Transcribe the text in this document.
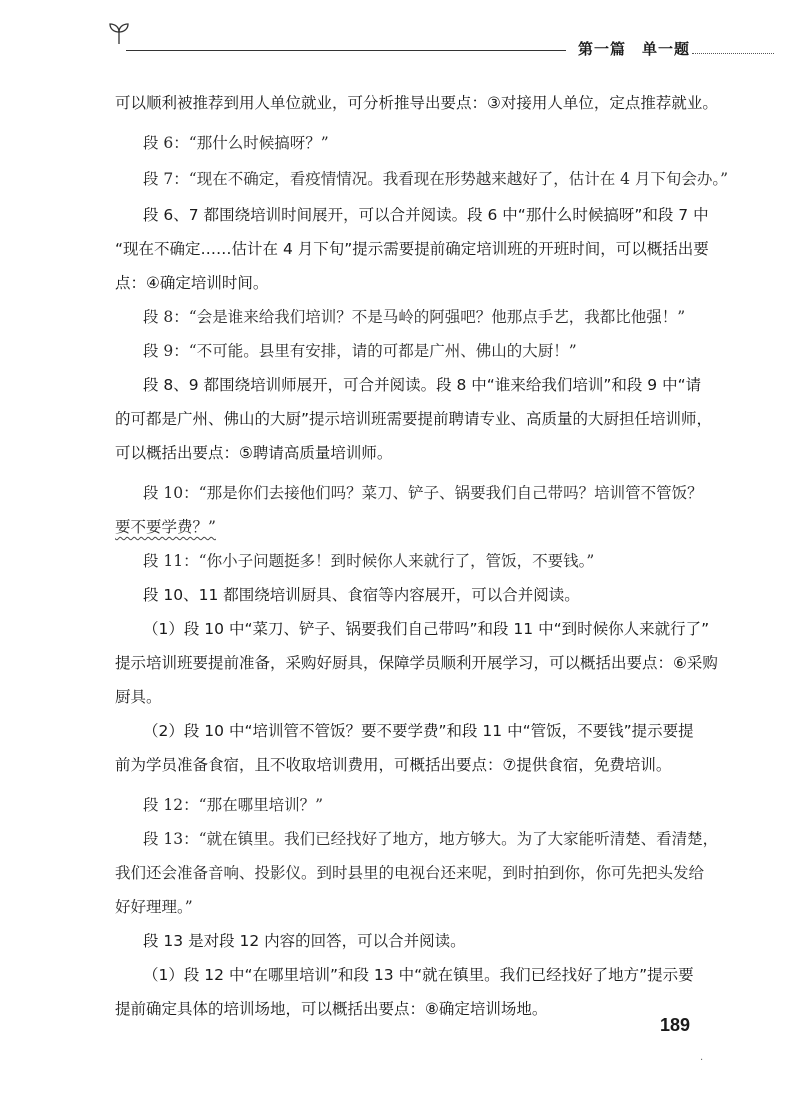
第一篇　单一题
可以顺利被推荐到用人单位就业，可分析推导出要点：③对接用人单位，定点推荐就业。
段 6：“那什么时候搞呀？”
段 7：“现在不确定，看疫情情况。我看现在形势越来越好了，估计在 4 月下旬会办。”
段 6、7 都围绕培训时间展开，可以合并阅读。段 6 中“那什么时候搞呀”和段 7 中
“现在不确定……估计在 4 月下旬”提示需要提前确定培训班的开班时间，可以概括出要
点：④确定培训时间。
段 8：“会是谁来给我们培训？不是马岭的阿强吧？他那点手艺，我都比他强！”
段 9：“不可能。县里有安排，请的可都是广州、佛山的大厨！”
段 8、9 都围绕培训师展开，可合并阅读。段 8 中“谁来给我们培训”和段 9 中“请
的可都是广州、佛山的大厨”提示培训班需要提前聘请专业、高质量的大厨担任培训师，
可以概括出要点：⑤聘请高质量培训师。
段 10：“那是你们去接他们吗？菜刀、铲子、锅要我们自己带吗？培训管不管饭？
要不要学费？”
段 11：“你小子问题挺多！到时候你人来就行了，管饭，不要钱。”
段 10、11 都围绕培训厨具、食宿等内容展开，可以合并阅读。
（1）段 10 中“菜刀、铲子、锅要我们自己带吗”和段 11 中“到时候你人来就行了”
提示培训班要提前准备，采购好厨具，保障学员顺利开展学习，可以概括出要点：⑥采购
厨具。
（2）段 10 中“培训管不管饭？要不要学费”和段 11 中“管饭，不要钱”提示要提
前为学员准备食宿，且不收取培训费用，可概括出要点：⑦提供食宿，免费培训。
段 12：“那在哪里培训？”
段 13：“就在镇里。我们已经找好了地方，地方够大。为了大家能听清楚、看清楚，
我们还会准备音响、投影仪。到时县里的电视台还来呢，到时拍到你，你可先把头发给
好好理理。”
段 13 是对段 12 内容的回答，可以合并阅读。
（1）段 12 中“在哪里培训”和段 13 中“就在镇里。我们已经找好了地方”提示要
提前确定具体的培训场地，可以概括出要点：⑧确定培训场地。
·
189
